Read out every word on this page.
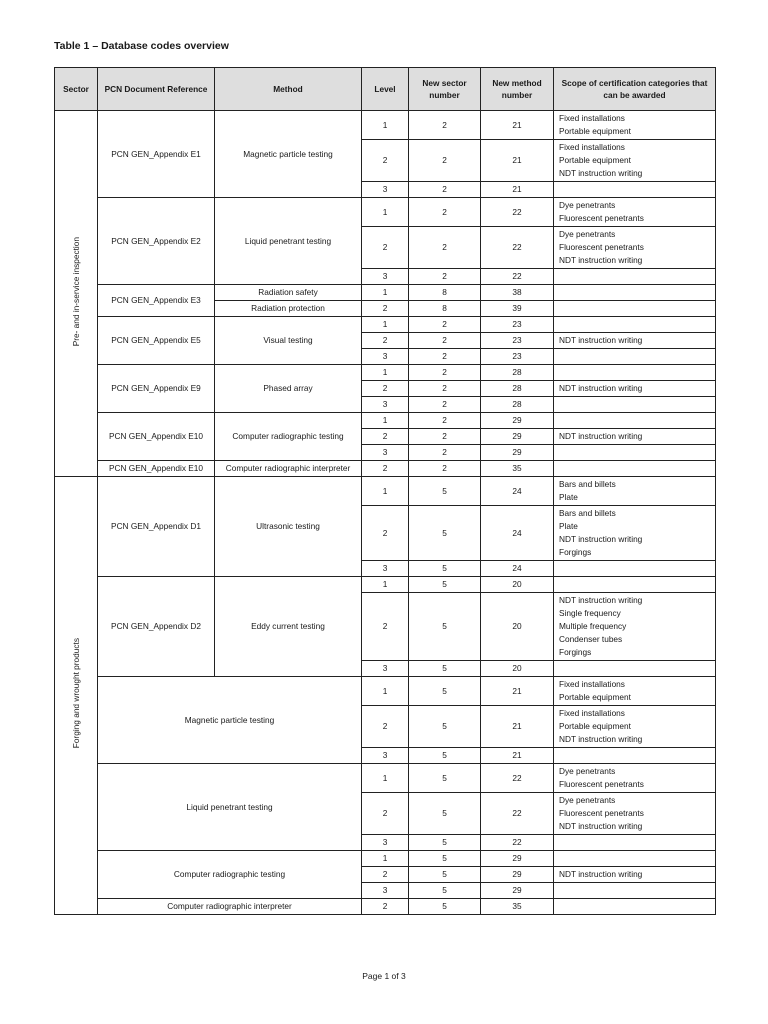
Table 1 – Database codes overview
Sector	PCN Document Reference	Method	Level	New sector number	New method number	Scope of certification categories that can be awarded
Pre- and in-service inspection	PCN GEN_Appendix E1	Magnetic particle testing	1	2	21	Fixed installations
Portable equipment

			2	2	21	Fixed installations
Portable equipment
NDT instruction writing

			3	2	21	
	PCN GEN_Appendix E2	Liquid penetrant testing	1	2	22	Dye penetrants
Fluorescent penetrants

			2	2	22	Dye penetrants
Fluorescent penetrants
NDT instruction writing

			3	2	22	
	PCN GEN_Appendix E3	Radiation safety	1	8	38	
		Radiation protection	2	8	39	
	PCN GEN_Appendix E5	Visual testing	1	2	23	
			2	2	23	NDT instruction writing

			3	2	23	
	PCN GEN_Appendix E9	Phased array	1	2	28	
			2	2	28	NDT instruction writing

			3	2	28	
	PCN GEN_Appendix E10	Computer radiographic testing	1	2	29	
			2	2	29	NDT instruction writing

			3	2	29	
	PCN GEN_Appendix E10	Computer radiographic interpreter	2	2	35	
Forging and wrought products	PCN GEN_Appendix D1	Ultrasonic testing	1	5	24	Bars and billets
Plate

			2	5	24	Bars and billets
Plate
NDT instruction writing
Forgings

			3	5	24	
	PCN GEN_Appendix D2	Eddy current testing	1	5	20	
			2	5	20	NDT instruction writing
Single frequency
Multiple frequency
Condenser tubes
Forgings

			3	5	20	
	Magnetic particle testing		1	5	21	Fixed installations
Portable equipment

			2	5	21	Fixed installations
Portable equipment
NDT instruction writing

			3	5	21	
	Liquid penetrant testing		1	5	22	Dye penetrants
Fluorescent penetrants

			2	5	22	Dye penetrants
Fluorescent penetrants
NDT instruction writing

			3	5	22	
	Computer radiographic testing		1	5	29	
			2	5	29	NDT instruction writing

			3	5	29	
	Computer radiographic interpreter		2	5	35	
Page 1 of 3
